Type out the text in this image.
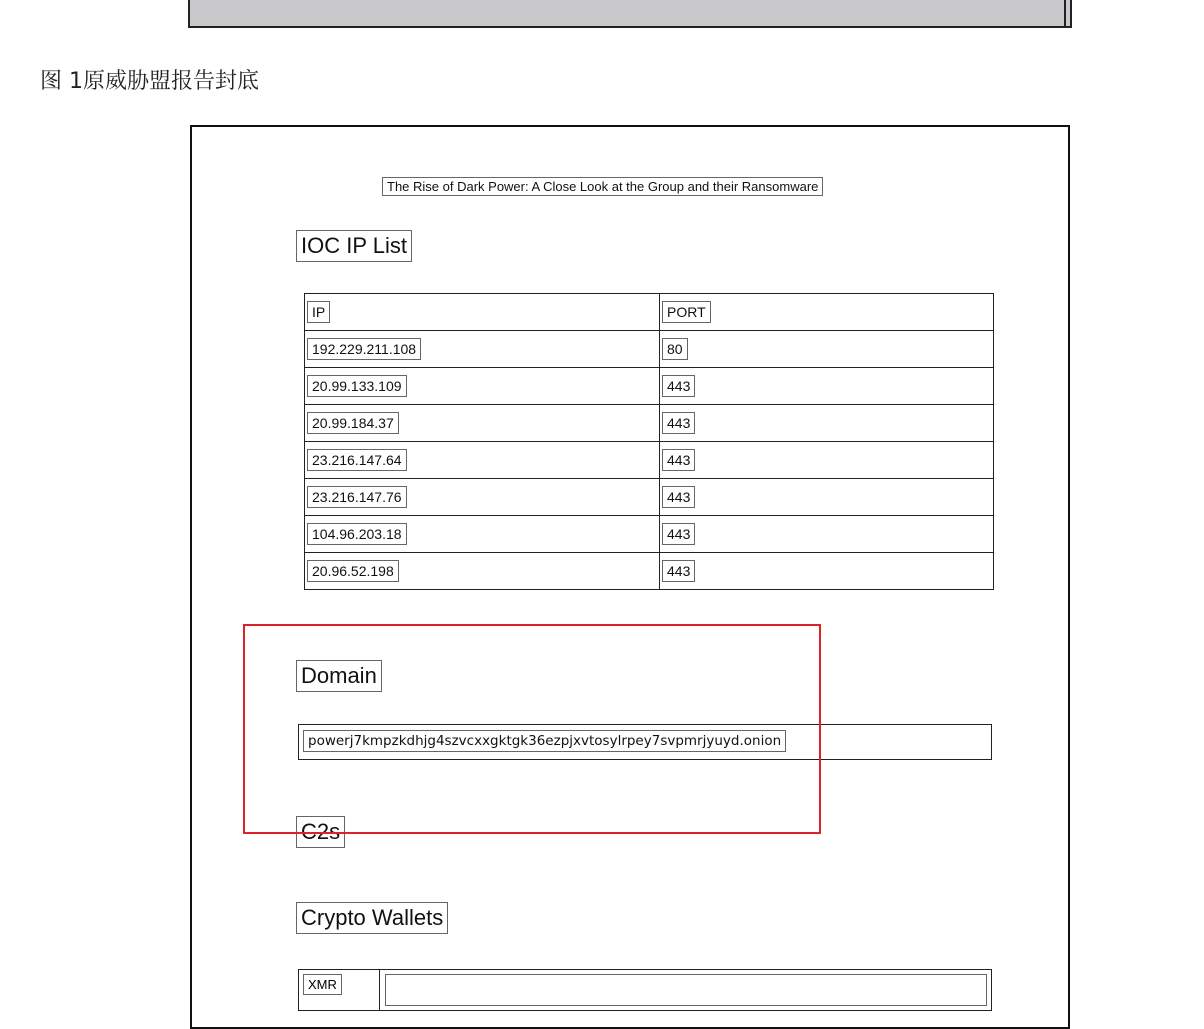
图 1原威胁盟报告封底
The Rise of Dark Power: A Close Look at the Group and their Ransomware
IOC IP List
IP	PORT
192.229.211.108	80
20.99.133.109	443
20.99.184.37	443
23.216.147.64	443
23.216.147.76	443
104.96.203.18	443
20.96.52.198	443
Domain
powerj7kmpzkdhjg4szvcxxgktgk36ezpjxvtosylrpey7svpmrjyuyd.onion
C2s
Crypto Wallets
XMR
